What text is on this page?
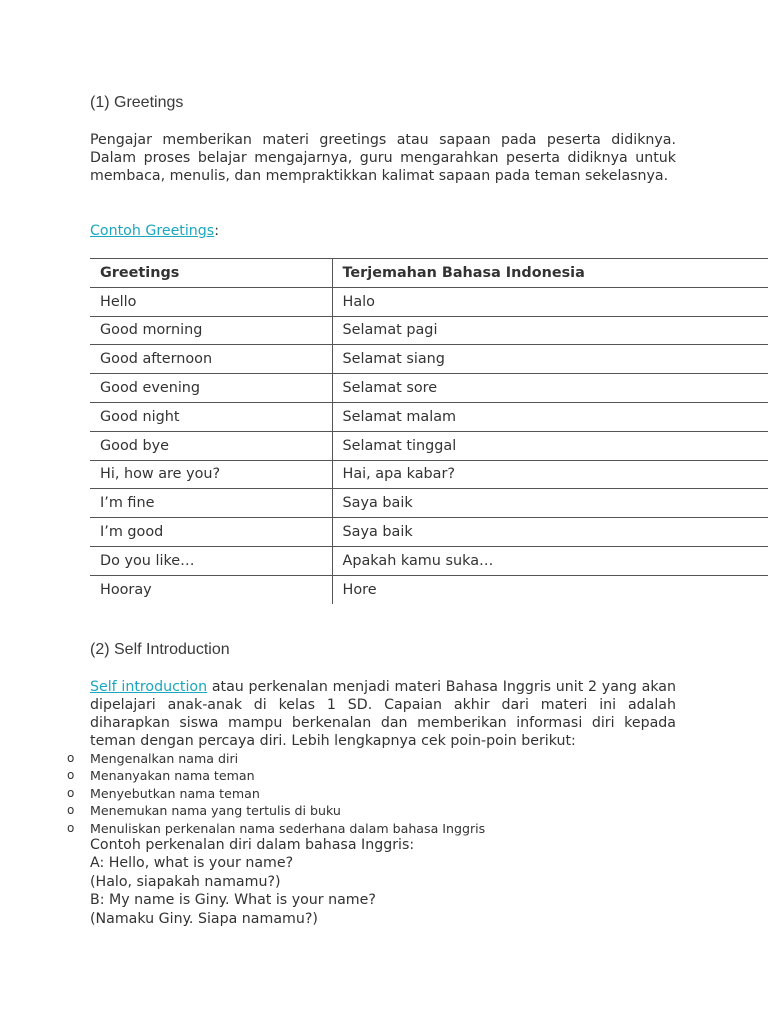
(1) Greetings

Pengajar memberikan materi greetings atau sapaan pada peserta didiknya. Dalam proses belajar mengajarnya, guru mengarahkan peserta didiknya untuk membaca, menulis, dan mempraktikkan kalimat sapaan pada teman sekelasnya.

Contoh Greetings:

Greetings	Terjemahan Bahasa Indonesia
Hello	Halo
Good morning	Selamat pagi
Good afternoon	Selamat siang
Good evening	Selamat sore
Good night	Selamat malam
Good bye	Selamat tinggal
Hi, how are you?	Hai, apa kabar?
I’m fine	Saya baik
I’m good	Saya baik
Do you like…	Apakah kamu suka…
Hooray	Hore
(2) Self Introduction

Self introduction atau perkenalan menjadi materi Bahasa Inggris unit 2 yang akan dipelajari anak-anak di kelas 1 SD. Capaian akhir dari materi ini adalah diharapkan siswa mampu berkenalan dan memberikan informasi diri kepada teman dengan percaya diri. Lebih lengkapnya cek poin-poin berikut:

o Mengenalkan nama diri
o Menanyakan nama teman
o Menyebutkan nama teman
o Menemukan nama yang tertulis di buku
o Menuliskan perkenalan nama sederhana dalam bahasa Inggris
Contoh perkenalan diri dalam bahasa Inggris:
A: Hello, what is your name?
(Halo, siapakah namamu?)
B: My name is Giny. What is your name?
(Namaku Giny. Siapa namamu?)
